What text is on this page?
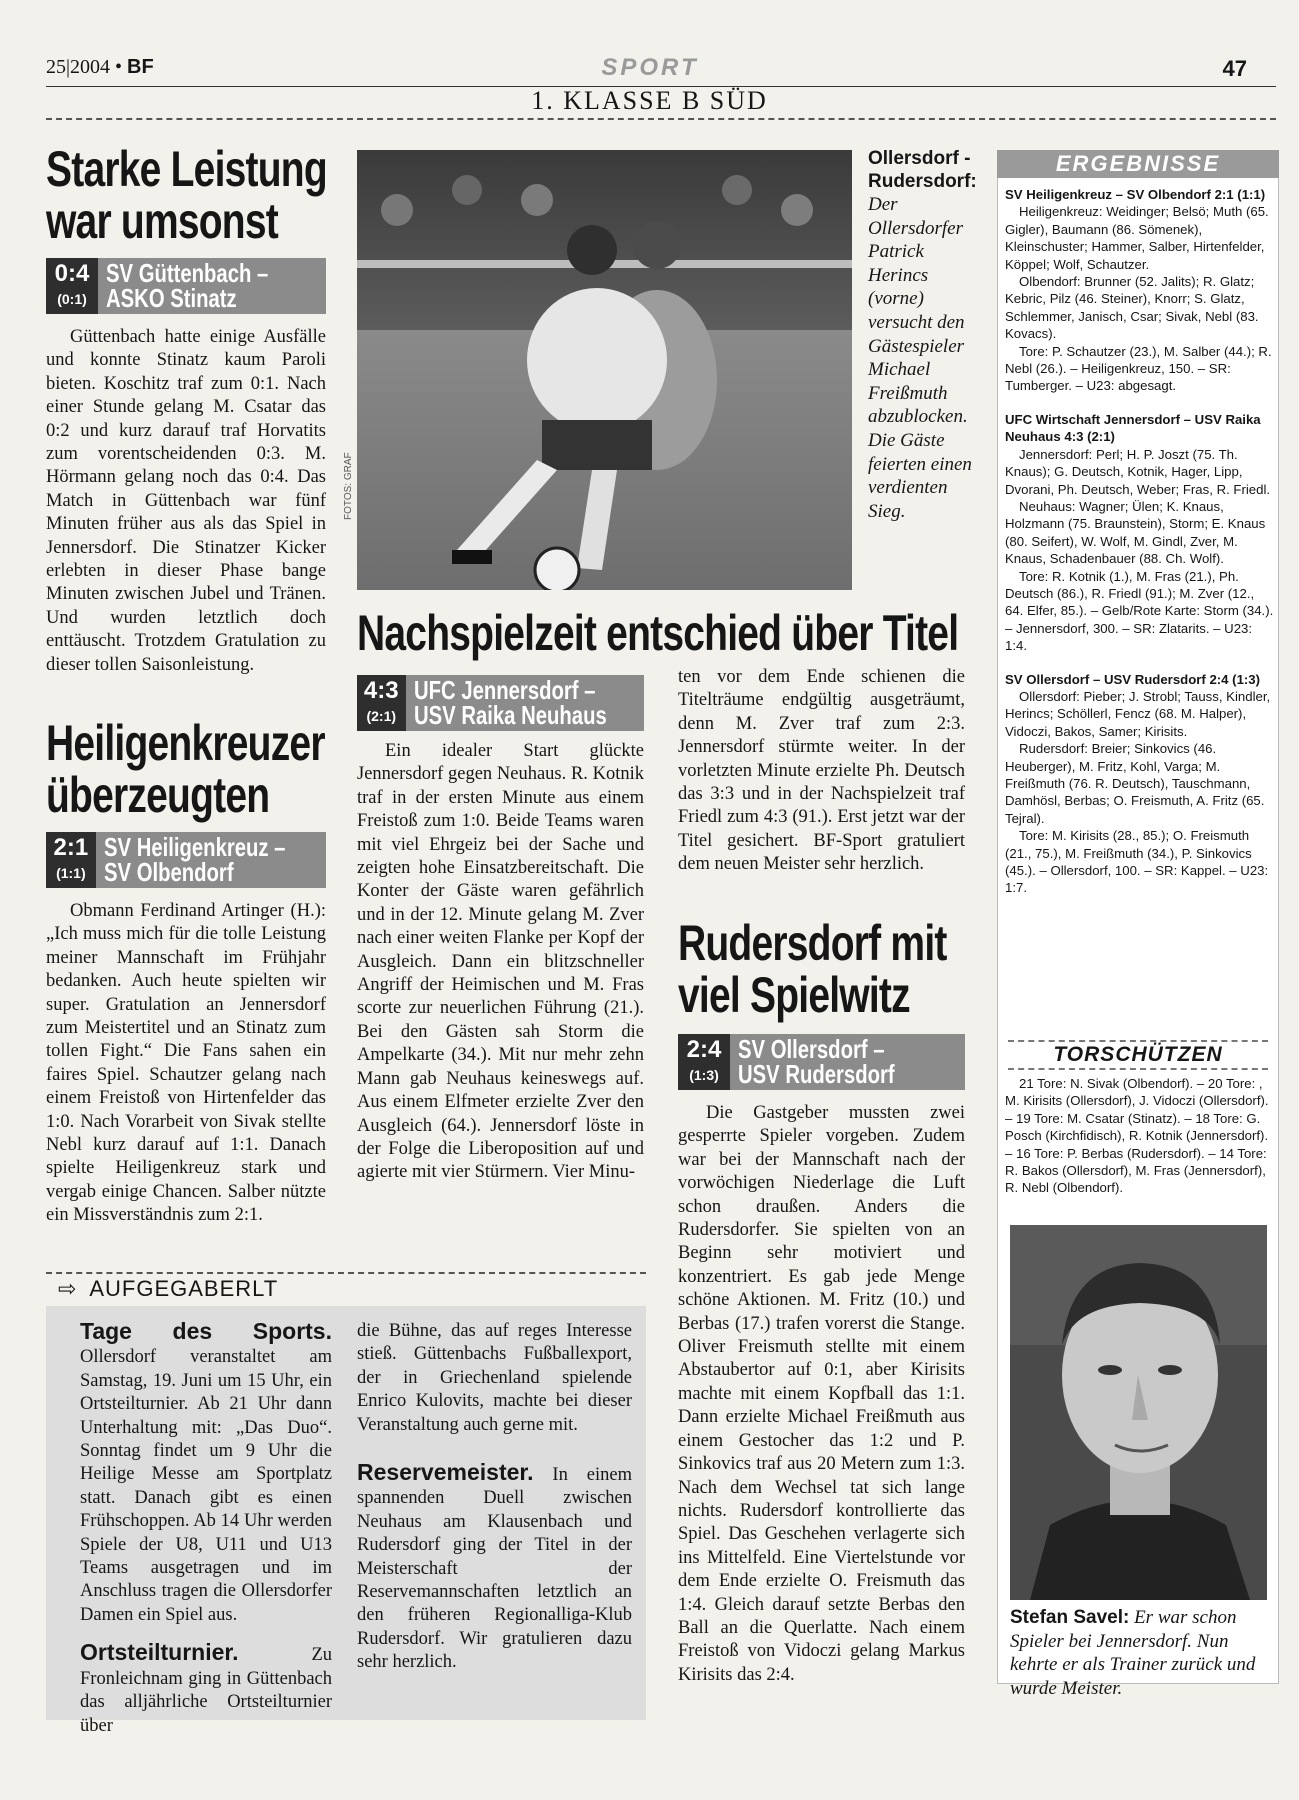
25|2004 • BF	SPORT	47
1. KLASSE B SÜD
Starke Leistung
war umsonst
0:4
(0:1)
SV Güttenbach –
ASKO Stinatz

Güttenbach hatte einige Ausfälle und konnte Stinatz kaum Paroli bieten. Koschitz traf zum 0:1. Nach einer Stunde gelang M. Csatar das 0:2 und kurz darauf traf Horvatits zum vorentscheidenden 0:3. M. Hörmann gelang noch das 0:4. Das Match in Güttenbach war fünf Minuten früher aus als das Spiel in Jennersdorf. Die Stinatzer Kicker erlebten in dieser Phase bange Minuten zwischen Jubel und Tränen. Und wurden letztlich doch enttäuscht. Trotzdem Gratulation zu dieser tollen Saisonleistung.

Heiligenkreuzer
überzeugten
2:1
(1:1)
SV Heiligenkreuz –
SV Olbendorf

Obmann Ferdinand Artinger (H.): „Ich muss mich für die tolle Leistung meiner Mannschaft im Frühjahr bedanken. Auch heute spielten wir super. Gratulation an Jennersdorf zum Meistertitel und an Stinatz zum tollen Fight.“ Die Fans sahen ein faires Spiel. Schautzer gelang nach einem Freistoß von Hirtenfelder das 1:0. Nach Vorarbeit von Sivak stellte Nebl kurz darauf auf 1:1. Danach spielte Heiligenkreuz stark und vergab einige Chancen. Salber nützte ein Missverständnis zum 2:1.

FOTOS: GRAF
Ollersdorf - Rudersdorf:
Der Ollersdorfer Patrick Herincs (vorne) versucht den Gästespieler Michael Freißmuth abzublocken. Die Gäste feierten einen verdienten Sieg.
Nachspielzeit entschied über Titel
4:3
(2:1)
UFC Jennersdorf –
USV Raika Neuhaus

Ein idealer Start glückte Jennersdorf gegen Neuhaus. R. Kotnik traf in der ersten Minute aus einem Freistoß zum 1:0. Beide Teams waren mit viel Ehrgeiz bei der Sache und zeigten hohe Einsatzbereitschaft. Die Konter der Gäste waren gefährlich und in der 12. Minute gelang M. Zver nach einer weiten Flanke per Kopf der Ausgleich. Dann ein blitzschneller Angriff der Heimischen und M. Fras scorte zur neuerlichen Führung (21.). Bei den Gästen sah Storm die Ampelkarte (34.). Mit nur mehr zehn Mann gab Neuhaus keineswegs auf. Aus einem Elfmeter erzielte Zver den Ausgleich (64.). Jennersdorf löste in der Folge die Liberoposition auf und agierte mit vier Stürmern. Vier Minu-

ten vor dem Ende schienen die Titelträume endgültig ausgeträumt, denn M. Zver traf zum 2:3. Jennersdorf stürmte weiter. In der vorletzten Minute erzielte Ph. Deutsch das 3:3 und in der Nachspielzeit traf Friedl zum 4:3 (91.). Erst jetzt war der Titel gesichert. BF-Sport gratuliert dem neuen Meister sehr herzlich.

Rudersdorf mit
viel Spielwitz
2:4
(1:3)
SV Ollersdorf –
USV Rudersdorf

Die Gastgeber mussten zwei gesperrte Spieler vorgeben. Zudem war bei der Mannschaft nach der vorwöchigen Niederlage die Luft schon draußen. Anders die Rudersdorfer. Sie spielten von an Beginn sehr motiviert und konzentriert. Es gab jede Menge schöne Aktionen. M. Fritz (10.) und Berbas (17.) trafen vorerst die Stange. Oliver Freismuth stellte mit einem Abstaubertor auf 0:1, aber Kirisits machte mit einem Kopfball das 1:1. Dann erzielte Michael Freißmuth aus einem Gestocher das 1:2 und P. Sinkovics traf aus 20 Metern zum 1:3. Nach dem Wechsel tat sich lange nichts. Rudersdorf kontrollierte das Spiel. Das Geschehen verlagerte sich ins Mittelfeld. Eine Viertelstunde vor dem Ende erzielte O. Freismuth das 1:4. Gleich darauf setzte Berbas den Ball an die Querlatte. Nach einem Freistoß von Vidoczi gelang Markus Kirisits das 2:4.

⇨ AUFGEGABERLT

Tage des Sports. Ollersdorf veranstaltet am Samstag, 19. Juni um 15 Uhr, ein Ortsteilturnier. Ab 21 Uhr dann Unterhaltung mit: „Das Duo“. Sonntag findet um 9 Uhr die Heilige Messe am Sportplatz statt. Danach gibt es einen Frühschoppen. Ab 14 Uhr werden Spiele der U8, U11 und U13 Teams ausgetragen und im Anschluss tragen die Ollersdorfer Damen ein Spiel aus.

Ortsteilturnier.	Zu Fronleichnam ging in Güttenbach das alljährliche Ortsteilturnier über

die Bühne, das auf reges Interesse stieß. Güttenbachs Fußballexport, der in Griechenland spielende Enrico Kulovits, machte bei dieser Veranstaltung auch gerne mit.

Reservemeister. In einem spannenden Duell zwischen Neuhaus am Klausenbach und Rudersdorf ging der Titel in der Meisterschaft der Reservemannschaften letztlich an den früheren Regionalliga-Klub Rudersdorf. Wir gratulieren dazu sehr herzlich.

ERGEBNISSE

SV Heiligenkreuz – SV Olbendorf 2:1 (1:1)
Heiligenkreuz: Weidinger; Belsö; Muth (65. Gigler), Baumann (86. Sömenek), Kleinschuster; Hammer, Salber, Hirtenfelder, Köppel; Wolf, Schautzer.
Olbendorf: Brunner (52. Jalits); R. Glatz; Kebric, Pilz (46. Steiner), Knorr; S. Glatz, Schlemmer, Janisch, Csar; Sivak, Nebl (83. Kovacs).
Tore: P. Schautzer (23.), M. Salber (44.); R. Nebl (26.). – Heiligenkreuz, 150. – SR: Tumberger. – U23: abgesagt.

UFC Wirtschaft Jennersdorf – USV Raika Neuhaus 4:3 (2:1)
Jennersdorf: Perl; H. P. Joszt (75. Th. Knaus); G. Deutsch, Kotnik, Hager, Lipp, Dvorani, Ph. Deutsch, Weber; Fras, R. Friedl.
Neuhaus: Wagner; Ülen; K. Knaus, Holzmann (75. Braunstein), Storm; E. Knaus (80. Seifert), W. Wolf, M. Gindl, Zver, M. Knaus, Schadenbauer (88. Ch. Wolf).
Tore: R. Kotnik (1.), M. Fras (21.), Ph. Deutsch (86.), R. Friedl (91.); M. Zver (12., 64. Elfer, 85.). – Gelb/Rote Karte: Storm (34.). – Jennersdorf, 300. – SR: Zlatarits. – U23: 1:4.

SV Ollersdorf – USV Rudersdorf 2:4 (1:3)
Ollersdorf: Pieber; J. Strobl; Tauss, Kindler, Herincs; Schöllerl, Fencz (68. M. Halper), Vidoczi, Bakos, Samer; Kirisits.
Rudersdorf: Breier; Sinkovics (46. Heuberger), M. Fritz, Kohl, Varga; M. Freißmuth (76. R. Deutsch), Tauschmann, Damhösl, Berbas; O. Freismuth, A. Fritz (65. Tejral).
Tore: M. Kirisits (28., 85.); O. Freismuth (21., 75.), M. Freißmuth (34.), P. Sinkovics (45.). – Ollersdorf, 100. – SR: Kappel. – U23: 1:7.

TORSCHÜTZEN
21 Tore: N. Sivak (Olbendorf). – 20 Tore: , M. Kirisits (Ollersdorf), J. Vidoczi (Ollersdorf). – 19 Tore: M. Csatar (Stinatz). – 18 Tore: G. Posch (Kirchfidisch), R. Kotnik (Jennersdorf). – 16 Tore: P. Berbas (Rudersdorf). – 14 Tore: R. Bakos (Ollersdorf), M. Fras (Jennersdorf), R. Nebl (Olbendorf).
Stefan Savel: Er war schon Spieler bei Jennersdorf. Nun kehrte er als Trainer zurück und wurde Meister.
